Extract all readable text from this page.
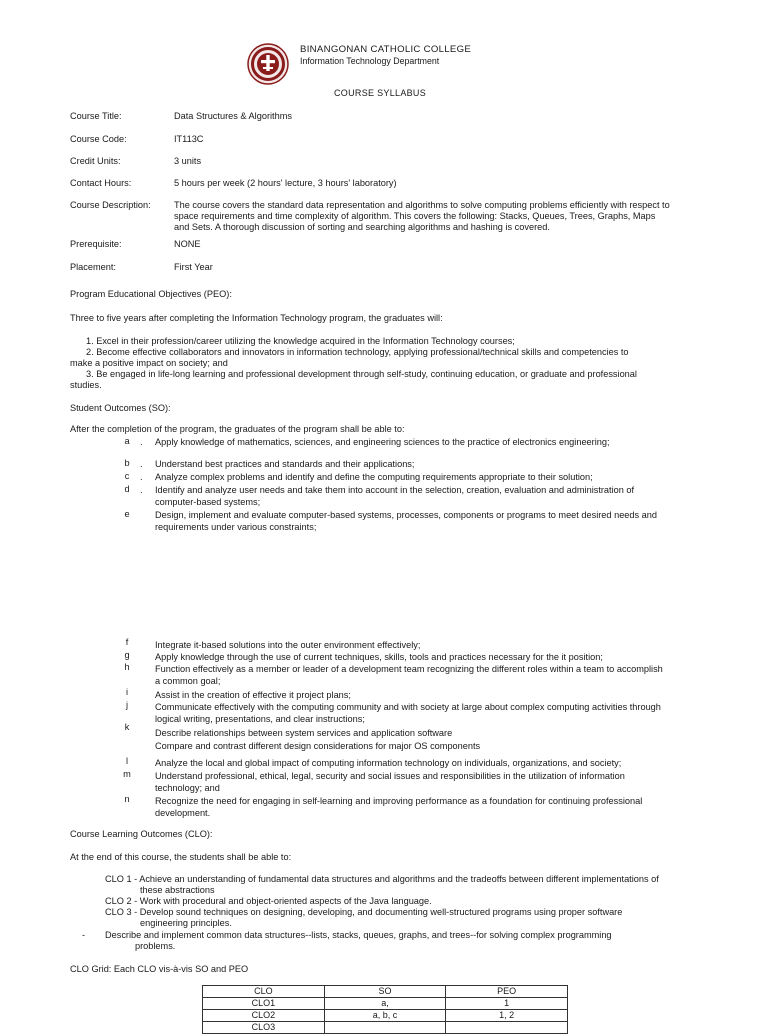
BINANGONAN CATHOLIC COLLEGE
Information Technology Department
COURSE SYLLABUS
Course Title:	Data Structures & Algorithms
Course Code:	IT113C
Credit Units:	3 units
Contact Hours:	5 hours per week (2 hours' lecture, 3 hours' laboratory)
Course Description:	The course covers the standard data representation and algorithms to solve computing problems efficiently with respect to
space requirements and time complexity of algorithm. This covers the following: Stacks, Queues, Trees, Graphs, Maps
and Sets. A thorough discussion of sorting and searching algorithms and hashing is covered.
Prerequisite:	NONE
Placement:	First Year
Program Educational Objectives (PEO):
Three to five years after completing the Information Technology program, the graduates will:
1. Excel in their profession/career utilizing the knowledge acquired in the Information Technology courses;
2. Become effective collaborators and innovators in information technology, applying professional/technical skills and competencies to
make a positive impact on society; and
3. Be engaged in life-long learning and professional development through self-study, continuing education, or graduate and professional
studies.
Student Outcomes (SO):
After the completion of the program, the graduates of the program shall be able to:
a	. Apply knowledge of mathematics, sciences, and engineering sciences to the practice of electronics engineering;
b	. Understand best practices and standards and their applications;
c	. Analyze complex problems and identify and define the computing requirements appropriate to their solution;
d	. Identify and analyze user needs and take them into account in the selection, creation, evaluation and administration of
computer-based systems;
e	Design, implement and evaluate computer-based systems, processes, components or programs to meet desired needs and
requirements under various constraints;
f	Integrate it-based solutions into the outer environment effectively;
g	Apply knowledge through the use of current techniques, skills, tools and practices necessary for the it position;
h	Function effectively as a member or leader of a development team recognizing the different roles within a team to accomplish
a common goal;
i	Assist in the creation of effective it project plans;
j	Communicate effectively with the computing community and with society at large about complex computing activities through
logical writing, presentations, and clear instructions;
k
Describe relationships between system services and application software
Compare and contrast different design considerations for major OS components
l	Analyze the local and global impact of computing information technology on individuals, organizations, and society;
m	Understand professional, ethical, legal, security and social issues and responsibilities in the utilization of information
technology; and
n	Recognize the need for engaging in self-learning and improving performance as a foundation for continuing professional
development.
Course Learning Outcomes (CLO):
At the end of this course, the students shall be able to:
CLO 1 - Achieve an understanding of fundamental data structures and algorithms and the tradeoffs between different implementations of
these abstractions
CLO 2 - Work with procedural and object-oriented aspects of the Java language.
CLO 3 - Develop sound techniques on designing, developing, and documenting well-structured programs using proper software
engineering principles.
- Describe and implement common data structures--lists, stacks, queues, graphs, and trees--for solving complex programming
problems.
CLO Grid: Each CLO vis-à-vis SO and PEO
CLO	SO	PEO
CLO1	a,	1
CLO2	a, b, c	1, 2
CLO3		
